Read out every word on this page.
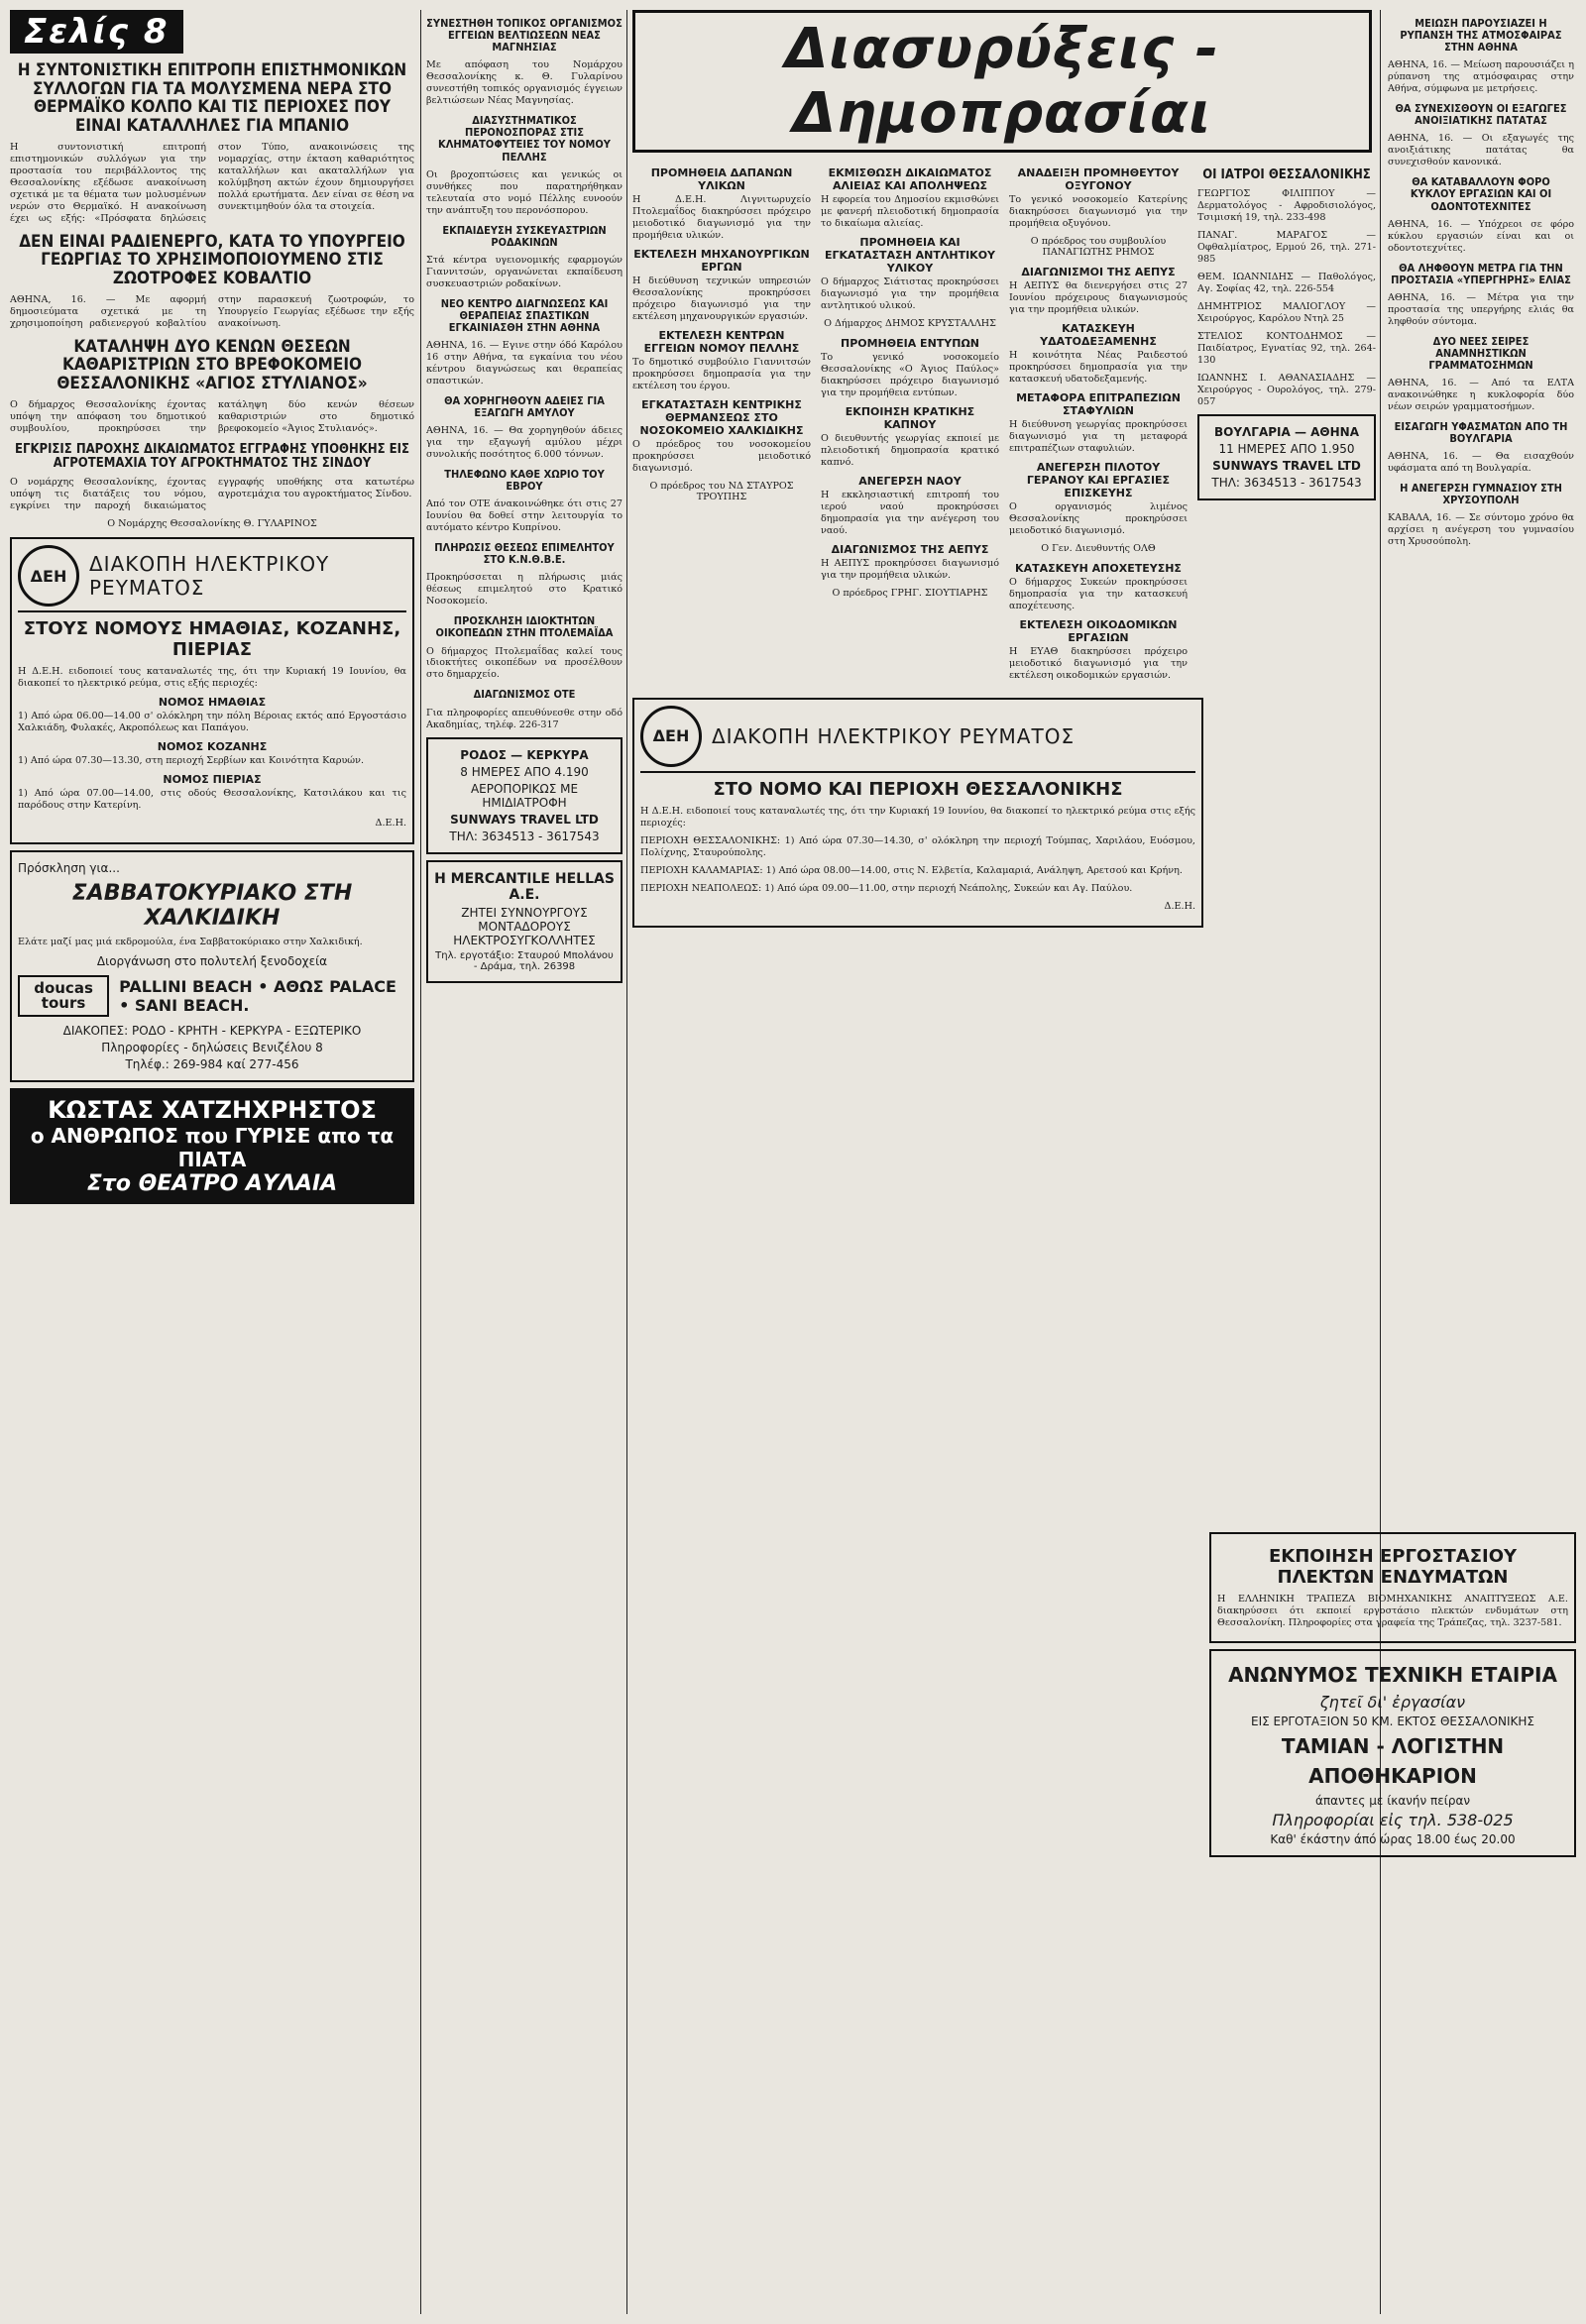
Σελίς 8
Η ΣΥΝΤΟΝΙΣΤΙΚΗ ΕΠΙΤΡΟΠΗ ΕΠΙΣΤΗΜΟΝΙΚΩΝ ΣΥΛΛΟΓΩΝ ΓΙΑ ΤΑ ΜΟΛΥΣΜΕΝΑ ΝΕΡΑ ΣΤΟ ΘΕΡΜΑΪΚΟ ΚΟΛΠΟ ΚΑΙ ΤΙΣ ΠΕΡΙΟΧΕΣ ΠΟΥ ΕΙΝΑΙ ΚΑΤΑΛΛΗΛΕΣ ΓΙΑ ΜΠΑΝΙΟ

Η συντονιστική επιτροπή επιστημονικών συλλόγων για την προστασία του περιβάλλοντος της Θεσσαλονίκης εξέδωσε ανακοίνωση σχετικά με τα θέματα των μολυσμένων νερών στο Θερμαϊκό. Η ανακοίνωση έχει ως εξής: «Πρόσφατα δηλώσεις στον Τύπο, ανακοινώσεις της νομαρχίας, στην έκταση καθαριότητος καταλλήλων και ακαταλλήλων για κολύμβηση ακτών έχουν δημιουργήσει πολλά ερωτήματα. Δεν είναι σε θέση να συνεκτιμηθούν όλα τα στοιχεία.

ΔΕΝ ΕΙΝΑΙ ΡΑΔΙΕΝΕΡΓΟ, ΚΑΤΑ ΤΟ ΥΠΟΥΡΓΕΙΟ ΓΕΩΡΓΙΑΣ ΤΟ ΧΡΗΣΙΜΟΠΟΙΟΥΜΕΝΟ ΣΤΙΣ ΖΩΟΤΡΟΦΕΣ ΚΟΒΑΛΤΙΟ

ΑΘΗΝΑ, 16. — Με αφορμή δημοσιεύματα σχετικά με τη χρησιμοποίηση ραδιενεργού κοβαλτίου στην παρασκευή ζωοτροφών, το Υπουργείο Γεωργίας εξέδωσε την εξής ανακοίνωση.

ΚΑΤΑΛΗΨΗ ΔΥΟ ΚΕΝΩΝ ΘΕΣΕΩΝ ΚΑΘΑΡΙΣΤΡΙΩΝ ΣΤΟ ΒΡΕΦΟΚΟΜΕΙΟ ΘΕΣΣΑΛΟΝΙΚΗΣ «ΑΓΙΟΣ ΣΤΥΛΙΑΝΟΣ»

Ο δήμαρχος Θεσσαλονίκης έχοντας υπόψη την απόφαση του δημοτικού συμβουλίου, προκηρύσσει την κατάληψη δύο κενών θέσεων καθαριστριών στο δημοτικό βρεφοκομείο «Άγιος Στυλιανός».

ΕΓΚΡΙΣΙΣ ΠΑΡΟΧΗΣ ΔΙΚΑΙΩΜΑΤΟΣ ΕΓΓΡΑΦΗΣ ΥΠΟΘΗΚΗΣ ΕΙΣ ΑΓΡΟΤΕΜΑΧΙΑ ΤΟΥ ΑΓΡΟΚΤΗΜΑΤΟΣ ΤΗΣ ΣΙΝΔΟΥ

Ο νομάρχης Θεσσαλονίκης, έχοντας υπόψη τις διατάξεις του νόμου, εγκρίνει την παροχή δικαιώματος εγγραφής υποθήκης στα κατωτέρω αγροτεμάχια του αγροκτήματος Σίνδου.

Ο Νομάρχης Θεσσαλονίκης Θ. ΓΥΛΑΡΙΝΟΣ
ΔΕΗ	ΔΙΑΚΟΠΗ ΗΛΕΚΤΡΙΚΟΥ ΡΕΥΜΑΤΟΣ
ΣΤΟΥΣ ΝΟΜΟΥΣ ΗΜΑΘΙΑΣ, ΚΟΖΑΝΗΣ, ΠΙΕΡΙΑΣ

Η Δ.Ε.Η. ειδοποιεί τους καταναλωτές της, ότι την Κυριακή 19 Ιουνίου, θα διακοπεί το ηλεκτρικό ρεύμα, στις εξής περιοχές:

ΝΟΜΟΣ ΗΜΑΘΙΑΣ

1) Από ώρα 06.00—14.00 σ' ολόκληρη την πόλη Βέροιας εκτός από Εργοστάσιο Χαλκιάδη, Φυλακές, Ακροπόλεως και Παπάγου.

ΝΟΜΟΣ ΚΟΖΑΝΗΣ

1) Από ώρα 07.30—13.30, στη περιοχή Σερβίων και Κοινότητα Καρυών.

ΝΟΜΟΣ ΠΙΕΡΙΑΣ

1) Από ώρα 07.00—14.00, στις οδούς Θεσσαλονίκης, Κατσιλάκου και τις παρόδους στην Κατερίνη.

Δ.Ε.Η.
Πρόσκληση για...
ΣΑΒΒΑΤΟΚΥΡΙΑΚΟ ΣΤΗ ΧΑΛΚΙΔΙΚΗ

Ελάτε μαζί μας μιά εκδρομούλα, ένα Σαββατοκύριακο στην Χαλκιδική.

Διοργάνωση στο πολυτελή ξενοδοχεία
doucas tours
PALLINI BEACH • ΑΘΩΣ PALACE • SANI BEACH.
ΔΙΑΚΟΠΕΣ: ΡΟΔΟ - ΚΡΗΤΗ - ΚΕΡΚΥΡΑ - ΕΞΩΤΕΡΙΚΟ
Πληροφορίες - δηλώσεις Βενιζέλου 8
Τηλέφ.: 269-984 καί 277-456
ΚΩΣΤΑΣ ΧΑΤΖΗΧΡΗΣΤΟΣ
ο ΑΝΘΡΩΠΟΣ που ΓΥΡΙΣΕ απο τα ΠΙΑΤΑ
Στο ΘΕΑΤΡΟ ΑΥΛΑΙΑ
ΣΥΝΕΣΤΗΘΗ ΤΟΠΙΚΟΣ ΟΡΓΑΝΙΣΜΟΣ ΕΓΓΕΙΩΝ ΒΕΛΤΙΩΣΕΩΝ ΝΕΑΣ ΜΑΓΝΗΣΙΑΣ

Με απόφαση του Νομάρχου Θεσσαλονίκης κ. Θ. Γυλαρίνου συνεστήθη τοπικός οργανισμός έγγειων βελτιώσεων Νέας Μαγνησίας.

ΔΙΑΣΥΣΤΗΜΑΤΙΚΟΣ ΠΕΡΟΝΟΣΠΟΡΑΣ ΣΤΙΣ ΚΛΗΜΑΤΟΦΥΤΕΙΕΣ ΤΟΥ ΝΟΜΟΥ ΠΕΛΛΗΣ

Οι βροχοπτώσεις και γενικώς οι συνθήκες που παρατηρήθηκαν τελευταία στο νομό Πέλλης ευνοούν την ανάπτυξη του περονόσπορου.

ΕΚΠΑΙΔΕΥΣΗ ΣΥΣΚΕΥΑΣΤΡΙΩΝ ΡΟΔΑΚΙΝΩΝ

Στά κέντρα υγειονομικής εφαρμογών Γιαννιτσών, οργανώνεται εκπαίδευση συσκευαστριών ροδακίνων.

ΝΕΟ ΚΕΝΤΡΟ ΔΙΑΓΝΩΣΕΩΣ ΚΑΙ ΘΕΡΑΠΕΙΑΣ ΣΠΑΣΤΙΚΩΝ ΕΓΚΑΙΝΙΑΣΘΗ ΣΤΗΝ ΑΘΗΝΑ

ΑΘΗΝΑ, 16. — Εγινε στην όδό Καρόλου 16 στην Αθήνα, τα εγκαίνια του νέου κέντρου διαγνώσεως και θεραπείας σπαστικών.

ΘΑ ΧΟΡΗΓΗΘΟΥΝ ΑΔΕΙΕΣ ΓΙΑ ΕΞΑΓΩΓΗ ΑΜΥΛΟΥ

ΑΘΗΝΑ, 16. — Θα χορηγηθούν άδειες για την εξαγωγή αμύλου μέχρι συνολικής ποσότητος 6.000 τόννων.

ΤΗΛΕΦΩΝΟ ΚΑΘΕ ΧΩΡΙΟ ΤΟΥ ΕΒΡΟΥ

Από τον ΟΤΕ άνακοινώθηκε ότι στις 27 Ιουνίου θα δοθεί στην λειτουργία το αυτόματο κέντρο Κυπρίνου.

ΠΛΗΡΩΣΙΣ ΘΕΣΕΩΣ ΕΠΙΜΕΛΗΤΟΥ ΣΤΟ Κ.Ν.Θ.Β.Ε.

Προκηρύσσεται η πλήρωσις μιάς θέσεως επιμελητού στο Κρατικό Νοσοκομείο.

ΠΡΟΣΚΛΗΣΗ ΙΔΙΟΚΤΗΤΩΝ ΟΙΚΟΠΕΔΩΝ ΣΤΗΝ ΠΤΟΛΕΜΑΪΔΑ

Ο δήμαρχος Πτολεμαΐδας καλεί τους ιδιοκτήτες οικοπέδων να προσέλθουν στο δημαρχείο.

ΔΙΑΓΩΝΙΣΜΟΣ ΟΤΕ

Για πληροφορίες απευθύνεσθε στην οδό Ακαδημίας, τηλέφ. 226-317

ΡΟΔΟΣ — ΚΕΡΚΥΡΑ
8 ΗΜΕΡΕΣ ΑΠΟ 4.190
ΑΕΡΟΠΟΡΙΚΩΣ ΜΕ ΗΜΙΔΙΑΤΡΟΦΗ
SUNWAYS TRAVEL LTD
ΤΗΛ: 3634513 - 3617543
Η MERCANTILE HELLAS Α.Ε.
ΖΗΤΕΙ ΣΥΝΝΟΥΡΓΟΥΣ ΜΟΝΤΑΔΟΡΟΥΣ ΗΛΕΚΤΡΟΣΥΓΚΟΛΛΗΤΕΣ
Τηλ. εργοτάξιο: Σταυρού Μπολάνου - Δράμα, τηλ. 26398
Διασυρύξεις - Δημοπρασίαι
ΠΡΟΜΗΘΕΙΑ ΔΑΠΑΝΩΝ ΥΛΙΚΩΝ

Η Δ.Ε.Η. Λιγνιτωρυχείο Πτολεμαΐδος διακηρύσσει πρόχειρο μειοδοτικό διαγωνισμό για την προμήθεια υλικών.

ΕΚΤΕΛΕΣΗ ΜΗΧΑΝΟΥΡΓΙΚΩΝ ΕΡΓΩΝ

Η διεύθυνση τεχνικών υπηρεσιών Θεσσαλονίκης προκηρύσσει πρόχειρο διαγωνισμό για την εκτέλεση μηχανουργικών εργασιών.

ΕΚΤΕΛΕΣΗ ΚΕΝΤΡΩΝ ΕΓΓΕΙΩΝ ΝΟΜΟΥ ΠΕΛΛΗΣ

Το δημοτικό συμβούλιο Γιαννιτσών προκηρύσσει δημοπρασία για την εκτέλεση του έργου.

ΕΓΚΑΤΑΣΤΑΣΗ ΚΕΝΤΡΙΚΗΣ ΘΕΡΜΑΝΣΕΩΣ ΣΤΟ ΝΟΣΟΚΟΜΕΙΟ ΧΑΛΚΙΔΙΚΗΣ

Ο πρόεδρος του νοσοκομείου προκηρύσσει μειοδοτικό διαγωνισμό.

Ο πρόεδρος του ΝΔ ΣΤΑΥΡΟΣ ΤΡΟΥΠΗΣ
ΕΚΜΙΣΘΩΣΗ ΔΙΚΑΙΩΜΑΤΟΣ ΑΛΙΕΙΑΣ ΚΑΙ ΑΠΟΛΗΨΕΩΣ

Η εφορεία του Δημοσίου εκμισθώνει με φανερή πλειοδοτική δημοπρασία το δικαίωμα αλιείας.

ΠΡΟΜΗΘΕΙΑ ΚΑΙ ΕΓΚΑΤΑΣΤΑΣΗ ΑΝΤΛΗΤΙΚΟΥ ΥΛΙΚΟΥ

Ο δήμαρχος Σιάτιστας προκηρύσσει διαγωνισμό για την προμήθεια αντλητικού υλικού.

Ο Δήμαρχος ΔΗΜΟΣ ΚΡΥΣΤΑΛΛΗΣ
ΠΡΟΜΗΘΕΙΑ ΕΝΤΥΠΩΝ

Το γενικό νοσοκομείο Θεσσαλονίκης «Ο Άγιος Παύλος» διακηρύσσει πρόχειρο διαγωνισμό για την προμήθεια εντύπων.

ΕΚΠΟΙΗΣΗ ΚΡΑΤΙΚΗΣ ΚΑΠΝΟΥ

Ο διευθυντής γεωργίας εκποιεί με πλειοδοτική δημοπρασία κρατικό καπνό.

ΑΝΕΓΕΡΣΗ ΝΑΟΥ

Η εκκλησιαστική επιτροπή του ιερού ναού προκηρύσσει δημοπρασία για την ανέγερση του ναού.

ΔΙΑΓΩΝΙΣΜΟΣ ΤΗΣ ΑΕΠΥΣ

Η ΑΕΠΥΣ προκηρύσσει διαγωνισμό για την προμήθεια υλικών.

Ο πρόεδρος ΓΡΗΓ. ΣΙΟΥΤΙΑΡΗΣ
ΑΝΑΔΕΙΞΗ ΠΡΟΜΗΘΕΥΤΟΥ ΟΞΥΓΟΝΟΥ

Το γενικό νοσοκομείο Κατερίνης διακηρύσσει διαγωνισμό για την προμήθεια οξυγόνου.

Ο πρόεδρος του συμβουλίου ΠΑΝΑΓΙΩΤΗΣ ΡΗΜΟΣ
ΔΙΑΓΩΝΙΣΜΟΙ ΤΗΣ ΑΕΠΥΣ

Η ΑΕΠΥΣ θα διενεργήσει στις 27 Ιουνίου πρόχειρους διαγωνισμούς για την προμήθεια υλικών.

ΚΑΤΑΣΚΕΥΗ ΥΔΑΤΟΔΕΞΑΜΕΝΗΣ

Η κοινότητα Νέας Ραιδεστού προκηρύσσει δημοπρασία για την κατασκευή υδατοδεξαμενής.

ΜΕΤΑΦΟΡΑ ΕΠΙΤΡΑΠΕΖΙΩΝ ΣΤΑΦΥΛΙΩΝ

Η διεύθυνση γεωργίας προκηρύσσει διαγωνισμό για τη μεταφορά επιτραπέζιων σταφυλιών.

ΑΝΕΓΕΡΣΗ ΠΙΛΟΤΟΥ ΓΕΡΑΝΟΥ ΚΑΙ ΕΡΓΑΣΙΕΣ ΕΠΙΣΚΕΥΗΣ

Ο οργανισμός λιμένος Θεσσαλονίκης προκηρύσσει μειοδοτικό διαγωνισμό.

Ο Γεν. Διευθυντής ΟΛΘ
ΚΑΤΑΣΚΕΥΗ ΑΠΟΧΕΤΕΥΣΗΣ

Ο δήμαρχος Συκεών προκηρύσσει δημοπρασία για την κατασκευή αποχέτευσης.

ΕΚΤΕΛΕΣΗ ΟΙΚΟΔΟΜΙΚΩΝ ΕΡΓΑΣΙΩΝ

Η ΕΥΑΘ διακηρύσσει πρόχειρο μειοδοτικό διαγωνισμό για την εκτέλεση οικοδομικών εργασιών.

ΟΙ ΙΑΤΡΟΙ ΘΕΣΣΑΛΟΝΙΚΗΣ

ΓΕΩΡΓΙΟΣ ΦΙΛΙΠΠΟΥ — Δερματολόγος - Αφροδισιολόγος, Τσιμισκή 19, τηλ. 233-498

ΠΑΝΑΓ. ΜΑΡΑΓΟΣ — Οφθαλμίατρος, Ερμού 26, τηλ. 271-985

ΘΕΜ. ΙΩΑΝΝΙΔΗΣ — Παθολόγος, Αγ. Σοφίας 42, τηλ. 226-554

ΔΗΜΗΤΡΙΟΣ ΜΑΛΙΟΓΛΟΥ — Χειρούργος, Καρόλου Ντηλ 25

ΣΤΕΛΙΟΣ ΚΟΝΤΟΔΗΜΟΣ — Παιδίατρος, Εγνατίας 92, τηλ. 264-130

ΙΩΑΝΝΗΣ Ι. ΑΘΑΝΑΣΙΑΔΗΣ — Χειρούργος - Ουρολόγος, τηλ. 279-057

ΒΟΥΛΓΑΡΙΑ — ΑΘΗΝΑ
11 ΗΜΕΡΕΣ ΑΠΟ 1.950
SUNWAYS TRAVEL LTD
ΤΗΛ: 3634513 - 3617543
ΔΕΗ	ΔΙΑΚΟΠΗ ΗΛΕΚΤΡΙΚΟΥ ΡΕΥΜΑΤΟΣ
ΣΤΟ ΝΟΜΟ ΚΑΙ ΠΕΡΙΟΧΗ ΘΕΣΣΑΛΟΝΙΚΗΣ

Η Δ.Ε.Η. ειδοποιεί τους καταναλωτές της, ότι την Κυριακή 19 Ιουνίου, θα διακοπεί το ηλεκτρικό ρεύμα στις εξής περιοχές:

ΠΕΡΙΟΧΗ ΘΕΣΣΑΛΟΝΙΚΗΣ: 1) Από ώρα 07.30—14.30, σ' ολόκληρη την περιοχή Τούμπας, Χαριλάου, Ευόσμου, Πολίχνης, Σταυρούπολης.

ΠΕΡΙΟΧΗ ΚΑΛΑΜΑΡΙΑΣ: 1) Από ώρα 08.00—14.00, στις Ν. Ελβετία, Καλαμαριά, Ανάληψη, Αρετσού και Κρήνη.

ΠΕΡΙΟΧΗ ΝΕΑΠΟΛΕΩΣ: 1) Από ώρα 09.00—11.00, στην περιοχή Νεάπολης, Συκεών και Αγ. Παύλου.

Δ.Ε.Η.
ΜΕΙΩΣΗ ΠΑΡΟΥΣΙΑΖΕΙ Η ΡΥΠΑΝΣΗ ΤΗΣ ΑΤΜΟΣΦΑΙΡΑΣ ΣΤΗΝ ΑΘΗΝΑ

ΑΘΗΝΑ, 16. — Μείωση παρουσιάζει η ρύπανση της ατμόσφαιρας στην Αθήνα, σύμφωνα με μετρήσεις.

ΘΑ ΣΥΝΕΧΙΣΘΟΥΝ ΟΙ ΕΞΑΓΩΓΕΣ ΑΝΟΙΞΙΑΤΙΚΗΣ ΠΑΤΑΤΑΣ

ΑΘΗΝΑ, 16. — Οι εξαγωγές της ανοιξιάτικης πατάτας θα συνεχισθούν κανονικά.

ΘΑ ΚΑΤΑΒΑΛΛΟΥΝ ΦΟΡΟ ΚΥΚΛΟΥ ΕΡΓΑΣΙΩΝ ΚΑΙ ΟΙ ΟΔΟΝΤΟΤΕΧΝΙΤΕΣ

ΑΘΗΝΑ, 16. — Υπόχρεοι σε φόρο κύκλου εργασιών είναι και οι οδοντοτεχνίτες.

ΘΑ ΛΗΦΘΟΥΝ ΜΕΤΡΑ ΓΙΑ ΤΗΝ ΠΡΟΣΤΑΣΙΑ «ΥΠΕΡΓΗΡΗΣ» ΕΛΙΑΣ

ΑΘΗΝΑ, 16. — Μέτρα για την προστασία της υπεργήρης ελιάς θα ληφθούν σύντομα.

ΔΥΟ ΝΕΕΣ ΣΕΙΡΕΣ ΑΝΑΜΝΗΣΤΙΚΩΝ ΓΡΑΜΜΑΤΟΣΗΜΩΝ

ΑΘΗΝΑ, 16. — Από τα ΕΛΤΑ ανακοινώθηκε η κυκλοφορία δύο νέων σειρών γραμματοσήμων.

ΕΙΣΑΓΩΓΗ ΥΦΑΣΜΑΤΩΝ ΑΠΟ ΤΗ ΒΟΥΛΓΑΡΙΑ

ΑΘΗΝΑ, 16. — Θα εισαχθούν υφάσματα από τη Βουλγαρία.

Η ΑΝΕΓΕΡΣΗ ΓΥΜΝΑΣΙΟΥ ΣΤΗ ΧΡΥΣΟΥΠΟΛΗ

ΚΑΒΑΛΑ, 16. — Σε σύντομο χρόνο θα αρχίσει η ανέγερση του γυμνασίου στη Χρυσούπολη.

ΕΚΠΟΙΗΣΗ ΕΡΓΟΣΤΑΣΙΟΥ ΠΛΕΚΤΩΝ ΕΝΔΥΜΑΤΩΝ

Η ΕΛΛΗΝΙΚΗ ΤΡΑΠΕΖΑ ΒΙΟΜΗΧΑΝΙΚΗΣ ΑΝΑΠΤΥΞΕΩΣ Α.Ε. διακηρύσσει ότι εκποιεί εργοστάσιο πλεκτών ενδυμάτων στη Θεσσαλονίκη. Πληροφορίες στα γραφεία της Τράπεζας, τηλ. 3237-581.

ΑΝΩΝΥΜΟΣ ΤΕΧΝΙΚΗ ΕΤΑΙΡΙΑ
ζητεῖ δι' ἐργασίαν
ΕΙΣ ΕΡΓΟΤΑΞΙΟΝ 50 ΚΜ. ΕΚΤΟΣ ΘΕΣΣΑΛΟΝΙΚΗΣ
ΤΑΜΙΑΝ - ΛΟΓΙΣΤΗΝ
ΑΠΟΘΗΚΑΡΙΟΝ
άπαντες με ίκανήν πείραν
Πληροφορίαι εἰς τηλ. 538-025
Καθ' έκάστην άπό ώρας 18.00 έως 20.00
